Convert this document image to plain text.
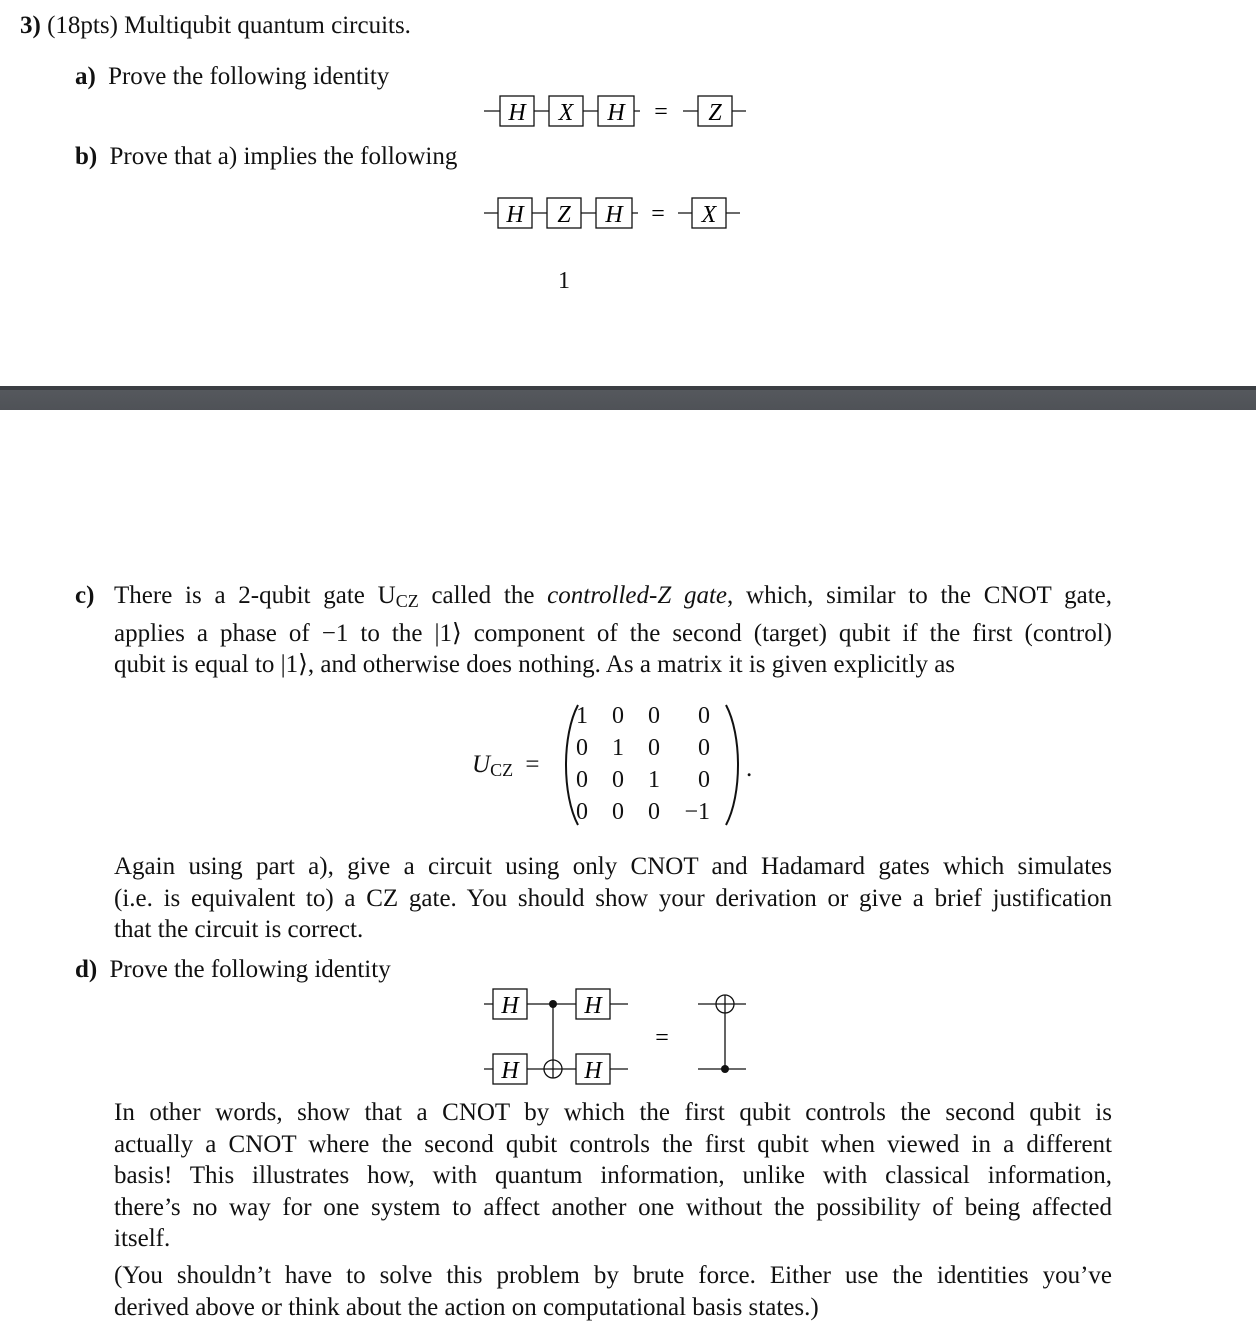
3) (18pts) Multiqubit quantum circuits.
a) Prove the following identity
H X H = Z
b) Prove that a) implies the following
H Z H = X
1
c) There is a 2-qubit gate $U_{CZ}$ called the controlled-Z gate, which, similar to the CNOT gate,
applies a phase of −1 to the |1⟩ component of the second (target) qubit if the first (control)
qubit is equal to |1⟩, and otherwise does nothing. As a matrix it is given explicitly as
$U_{CZ}$ =
1	0	0	0
0	1	0	0
0	0	1	0
0	0	0	−1
.
Again using part a), give a circuit using only CNOT and Hadamard gates which simulates
(i.e. is equivalent to) a CZ gate. You should show your derivation or give a brief justification
that the circuit is correct.
d) Prove the following identity
H	H
H	H
=
In other words, show that a CNOT by which the first qubit controls the second qubit is
actually a CNOT where the second qubit controls the first qubit when viewed in a different
basis! This illustrates how, with quantum information, unlike with classical information,
there’s no way for one system to affect another one without the possibility of being affected
itself.
(You shouldn’t have to solve this problem by brute force. Either use the identities you’ve
derived above or think about the action on computational basis states.)
